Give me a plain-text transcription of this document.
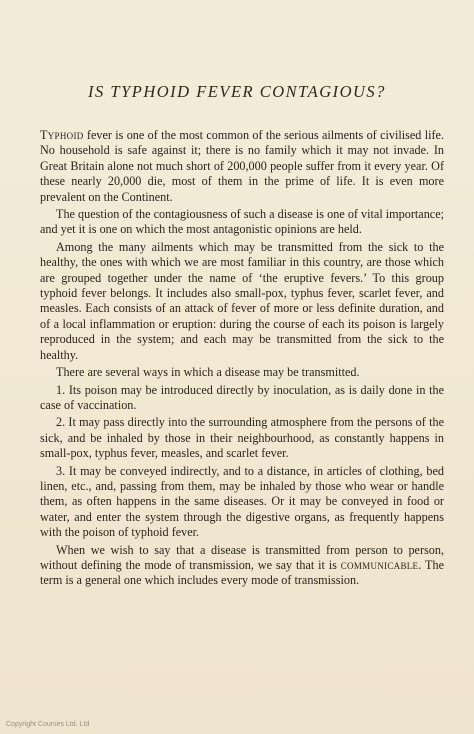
IS TYPHOID FEVER CONTAGIOUS?

Typhoid fever is one of the most common of the serious ailments of civilised life. No household is safe against it; there is no family which it may not invade. In Great Britain alone not much short of 200,000 people suffer from it every year. Of these nearly 20,000 die, most of them in the prime of life. It is even more prevalent on the Continent.

The question of the contagiousness of such a disease is one of vital importance; and yet it is one on which the most antagonistic opinions are held.

Among the many ailments which may be transmitted from the sick to the healthy, the ones with which we are most familiar in this country, are those which are grouped together under the name of ‘the eruptive fevers.’ To this group typhoid fever belongs. It includes also small-pox, typhus fever, scarlet fever, and measles. Each consists of an attack of fever of more or less definite duration, and of a local inflammation or eruption: during the course of each its poison is largely reproduced in the system; and each may be transmitted from the sick to the healthy.

There are several ways in which a disease may be transmitted.

1. Its poison may be introduced directly by inoculation, as is daily done in the case of vaccination.

2. It may pass directly into the surrounding atmosphere from the persons of the sick, and be inhaled by those in their neighbourhood, as constantly happens in small-pox, typhus fever, measles, and scarlet fever.

3. It may be conveyed indirectly, and to a distance, in articles of clothing, bed linen, etc., and, passing from them, may be inhaled by those who wear or handle them, as often happens in the same diseases. Or it may be conveyed in food or water, and enter the system through the digestive organs, as frequently happens with the poison of typhoid fever.

When we wish to say that a disease is transmitted from person to person, without defining the mode of transmission, we say that it is communicable. The term is a general one which includes every mode of transmission.

Copyright Courses Ltd. Ltd
